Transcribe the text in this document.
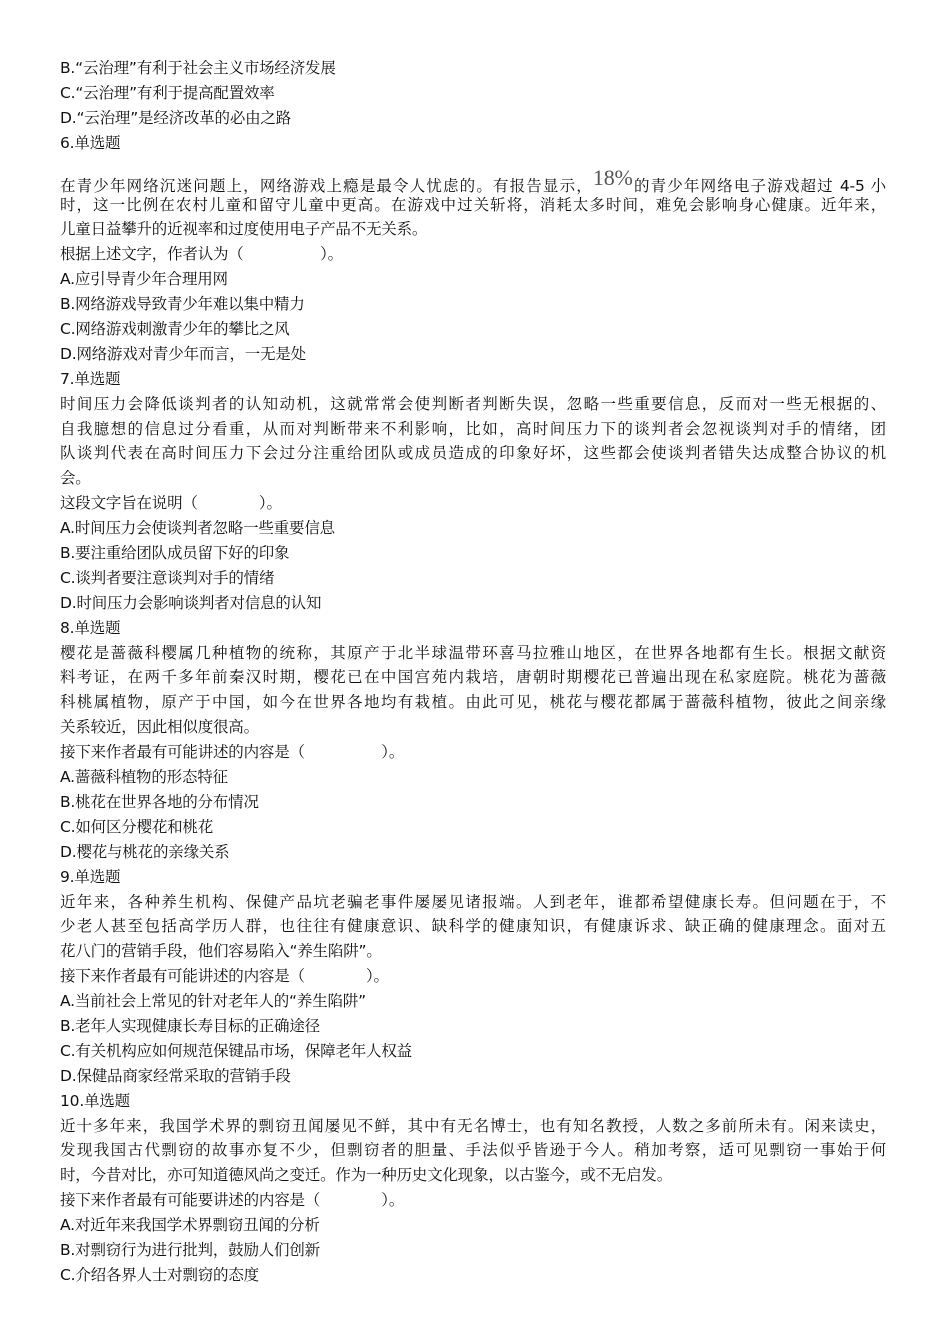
B.“云治理”有利于社会主义市场经济发展
C.“云治理”有利于提高配置效率
D.“云治理”是经济改革的必由之路
6.单选题
在青少年网络沉迷问题上，网络游戏上瘾是最令人忧虑的。有报告显示，18%的青少年网络电子游戏超过 4-5 小
时，这一比例在农村儿童和留守儿童中更高。在游戏中过关斩将，消耗太多时间，难免会影响身心健康。近年来，
儿童日益攀升的近视率和过度使用电子产品不无关系。
根据上述文字，作者认为（　　　　　）。
A.应引导青少年合理用网
B.网络游戏导致青少年难以集中精力
C.网络游戏刺激青少年的攀比之风
D.网络游戏对青少年而言，一无是处
7.单选题
时间压力会降低谈判者的认知动机，这就常常会使判断者判断失误，忽略一些重要信息，反而对一些无根据的、
自我臆想的信息过分看重，从而对判断带来不利影响，比如，高时间压力下的谈判者会忽视谈判对手的情绪，团
队谈判代表在高时间压力下会过分注重给团队或成员造成的印象好坏，这些都会使谈判者错失达成整合协议的机
会。
这段文字旨在说明（　　　　）。
A.时间压力会使谈判者忽略一些重要信息
B.要注重给团队成员留下好的印象
C.谈判者要注意谈判对手的情绪
D.时间压力会影响谈判者对信息的认知
8.单选题
樱花是蔷薇科樱属几种植物的统称，其原产于北半球温带环喜马拉雅山地区，在世界各地都有生长。根据文献资
料考证，在两千多年前秦汉时期，樱花已在中国宫苑内栽培，唐朝时期樱花已普遍出现在私家庭院。桃花为蔷薇
科桃属植物，原产于中国，如今在世界各地均有栽植。由此可见，桃花与樱花都属于蔷薇科植物，彼此之间亲缘
关系较近，因此相似度很高。
接下来作者最有可能讲述的内容是（　　　　　）。
A.蔷薇科植物的形态特征
B.桃花在世界各地的分布情况
C.如何区分樱花和桃花
D.樱花与桃花的亲缘关系
9.单选题
近年来，各种养生机构、保健产品坑老骗老事件屡屡见诸报端。人到老年，谁都希望健康长寿。但问题在于，不
少老人甚至包括高学历人群，也往往有健康意识、缺科学的健康知识，有健康诉求、缺正确的健康理念。面对五
花八门的营销手段，他们容易陷入“养生陷阱”。
接下来作者最有可能讲述的内容是（　　　　）。
A.当前社会上常见的针对老年人的“养生陷阱”
B.老年人实现健康长寿目标的正确途径
C.有关机构应如何规范保键品市场，保障老年人权益
D.保健品商家经常采取的营销手段
10.单选题
近十多年来，我国学术界的剽窃丑闻屡见不鲜，其中有无名博士，也有知名教授，人数之多前所未有。闲来读史，
发现我国古代剽窃的故事亦复不少，但剽窃者的胆量、手法似乎皆逊于今人。稍加考察，适可见剽窃一事始于何
时，今昔对比，亦可知道德风尚之变迁。作为一种历史文化现象，以古鉴今，或不无启发。
接下来作者最有可能要讲述的内容是（　　　　）。
A.对近年来我国学术界剽窃丑闻的分析
B.对剽窃行为进行批判，鼓励人们创新
C.介绍各界人士对剽窃的态度
